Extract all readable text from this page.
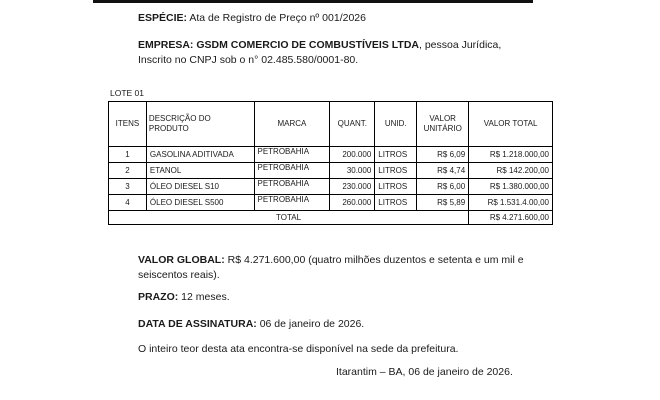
ESPÉCIE: Ata de Registro de Preço nº 001/2026
EMPRESA: GSDM COMERCIO DE COMBUSTÍVEIS LTDA, pessoa Jurídica, Inscrito no CNPJ sob o n° 02.485.580/0001-80.
LOTE 01
ITENS	DESCRIÇÃO DO PRODUTO	MARCA	QUANT.	UNID.	VALOR UNITÁRIO	VALOR TOTAL
1	GASOLINA ADITIVADA	PETROBAHIA	200.000	LITROS	R$ 6,09	R$ 1.218.000,00
2	ETANOL	PETROBAHIA	30.000	LITROS	R$ 4,74	R$ 142.200,00
3	ÓLEO DIESEL S10	PETROBAHIA	230.000	LITROS	R$ 6,00	R$ 1.380.000,00
4	ÓLEO DIESEL S500	PETROBAHIA	260.000	LITROS	R$ 5,89	R$ 1.531.4.00,00
TOTAL						R$ 4.271.600,00
VALOR GLOBAL: R$ 4.271.600,00 (quatro milhões duzentos e setenta e um mil e seiscentos reais).
PRAZO: 12 meses.
DATA DE ASSINATURA: 06 de janeiro de 2026.
O inteiro teor desta ata encontra-se disponível na sede da prefeitura.
Itarantim – BA, 06 de janeiro de 2026.
